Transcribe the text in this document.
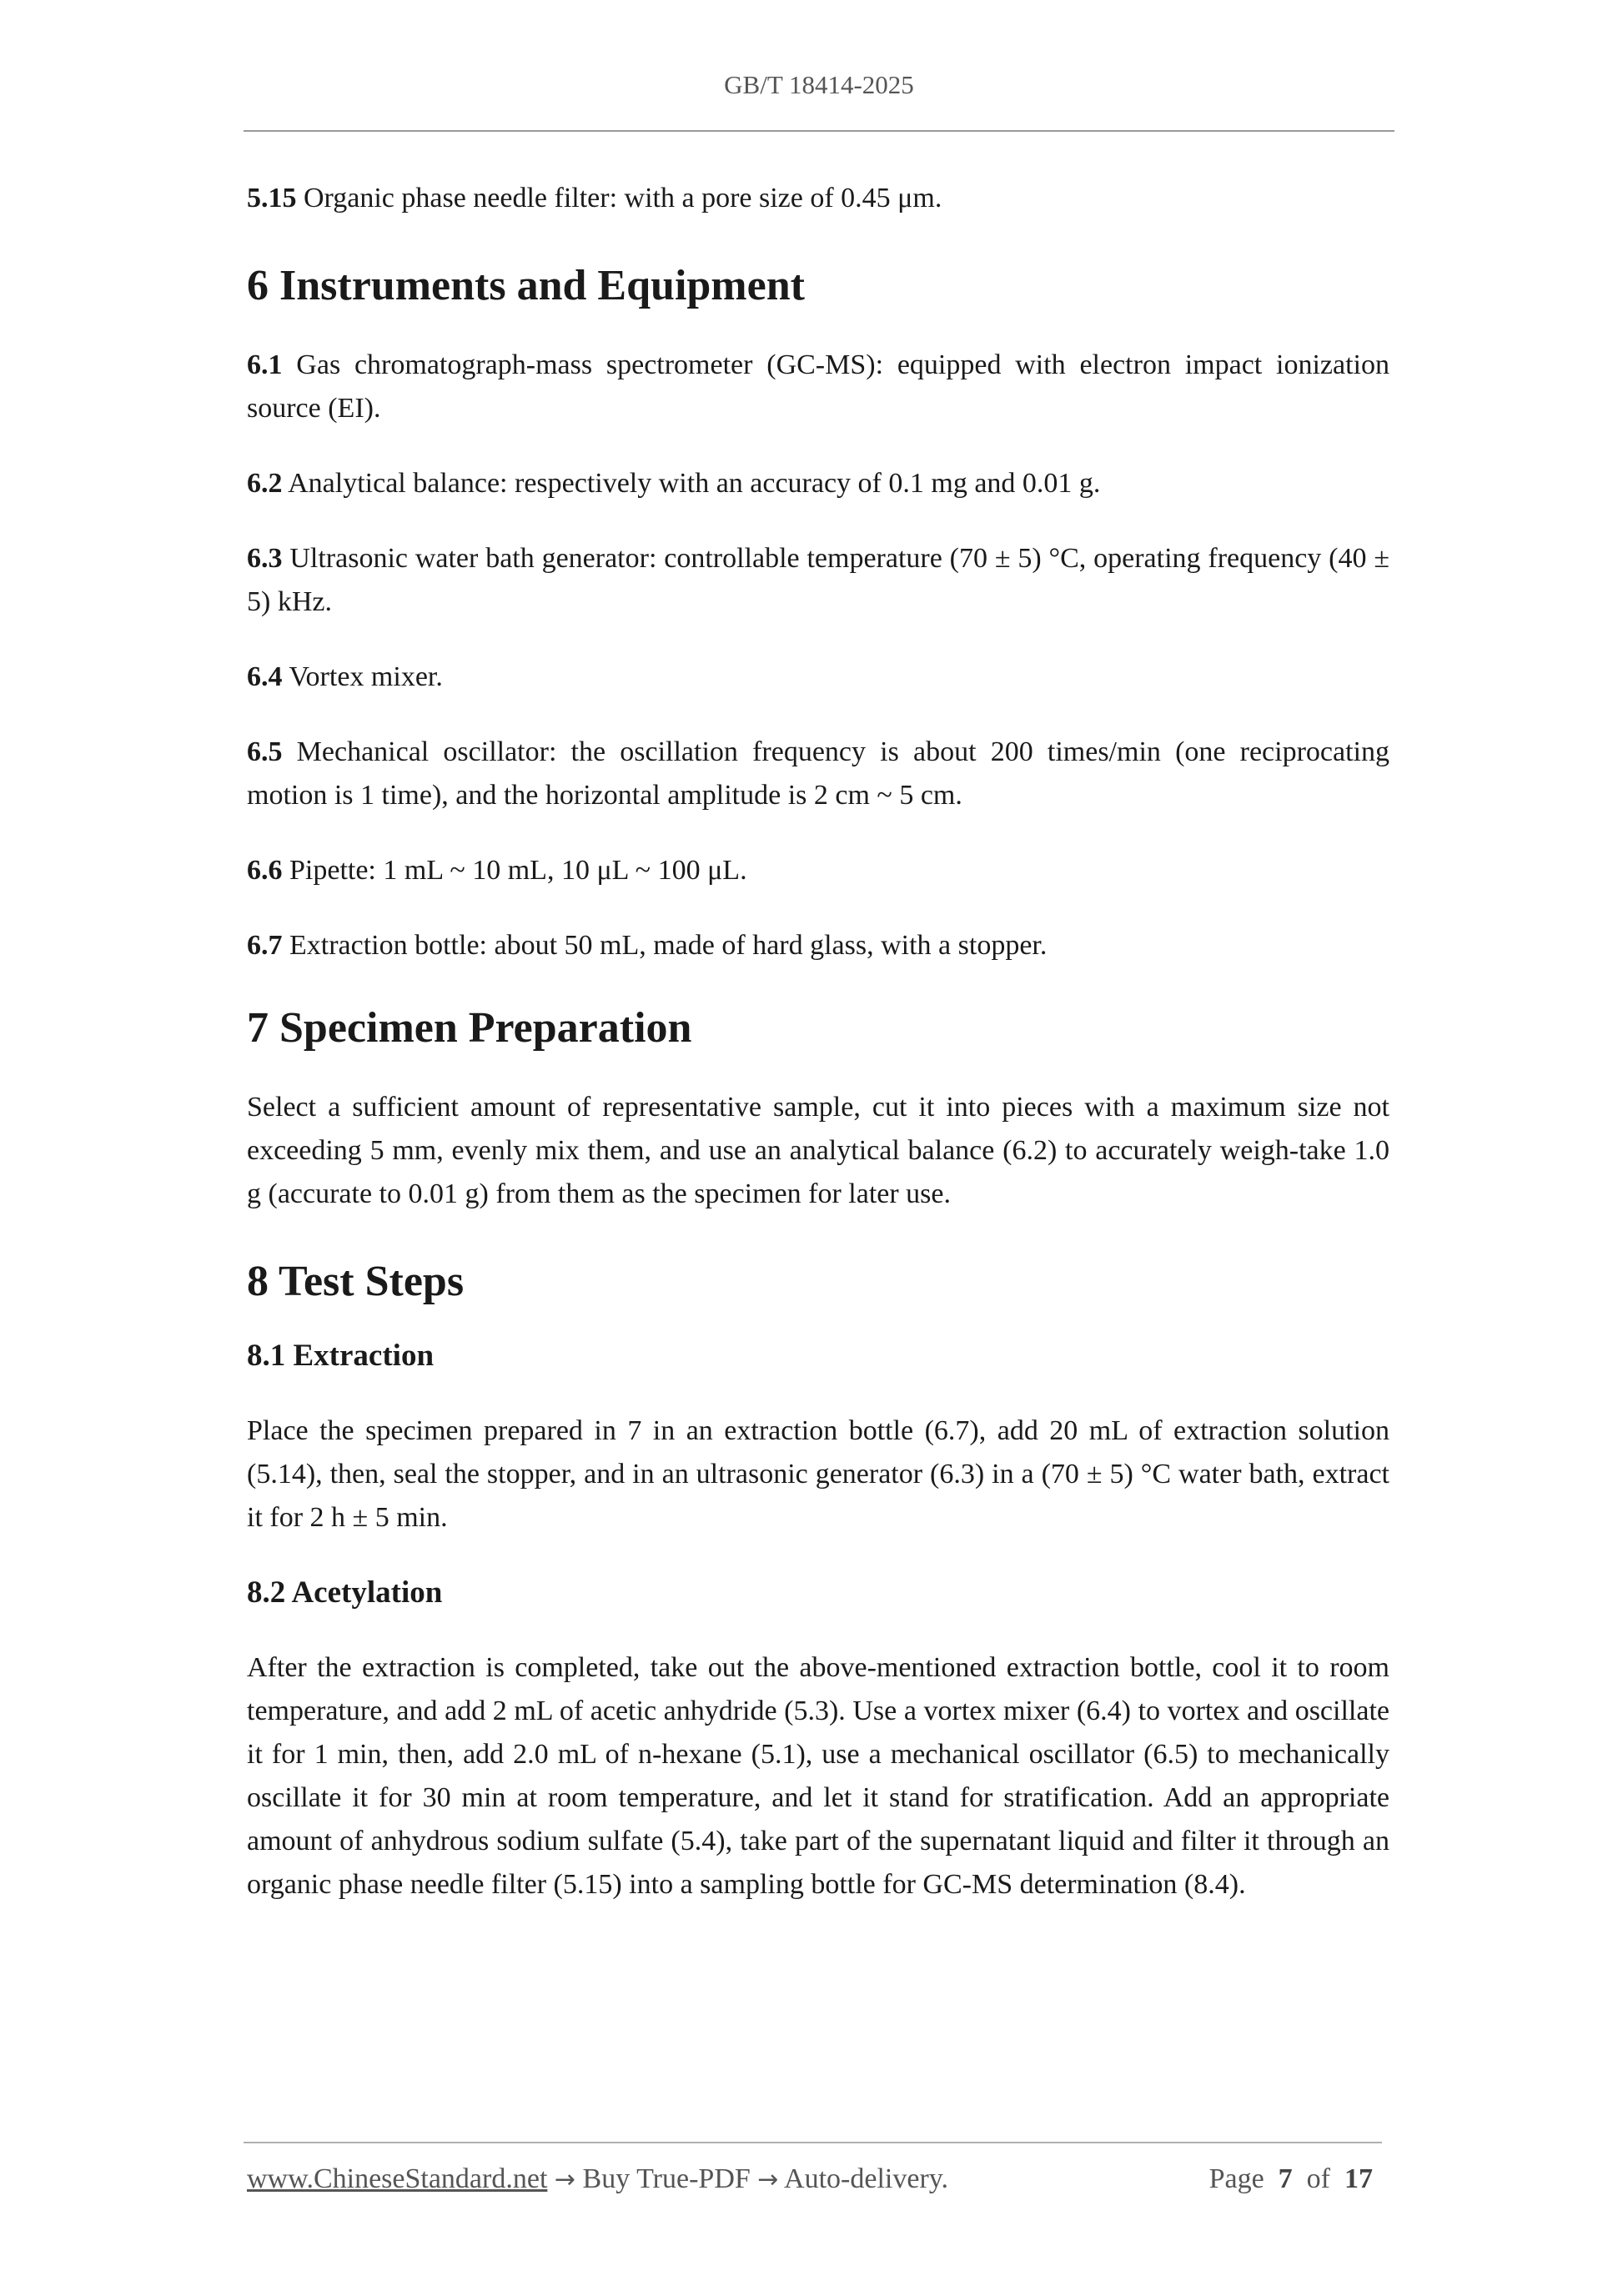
GB/T 18414-2025

5.15 Organic phase needle filter: with a pore size of 0.45 μm.

6 Instruments and Equipment

6.1 Gas chromatograph-mass spectrometer (GC-MS): equipped with electron impact ionization source (EI).

6.2 Analytical balance: respectively with an accuracy of 0.1 mg and 0.01 g.

6.3 Ultrasonic water bath generator: controllable temperature (70 ± 5) °C, operating frequency (40 ± 5) kHz.

6.4 Vortex mixer.

6.5 Mechanical oscillator: the oscillation frequency is about 200 times/min (one reciprocating motion is 1 time), and the horizontal amplitude is 2 cm ~ 5 cm.

6.6 Pipette: 1 mL ~ 10 mL, 10 μL ~ 100 μL.

6.7 Extraction bottle: about 50 mL, made of hard glass, with a stopper.

7 Specimen Preparation

Select a sufficient amount of representative sample, cut it into pieces with a maximum size not exceeding 5 mm, evenly mix them, and use an analytical balance (6.2) to accurately weigh-take 1.0 g (accurate to 0.01 g) from them as the specimen for later use.

8 Test Steps
8.1 Extraction

Place the specimen prepared in 7 in an extraction bottle (6.7), add 20 mL of extraction solution (5.14), then, seal the stopper, and in an ultrasonic generator (6.3) in a (70 ± 5) °C water bath, extract it for 2 h ± 5 min.

8.2 Acetylation

After the extraction is completed, take out the above-mentioned extraction bottle, cool it to room temperature, and add 2 mL of acetic anhydride (5.3). Use a vortex mixer (6.4) to vortex and oscillate it for 1 min, then, add 2.0 mL of n-hexane (5.1), use a mechanical oscillator (6.5) to mechanically oscillate it for 30 min at room temperature, and let it stand for stratification. Add an appropriate amount of anhydrous sodium sulfate (5.4), take part of the supernatant liquid and filter it through an organic phase needle filter (5.15) into a sampling bottle for GC-MS determination (8.4).

www.ChineseStandard.net → Buy True-PDF → Auto-delivery.	Page 7 of 17
